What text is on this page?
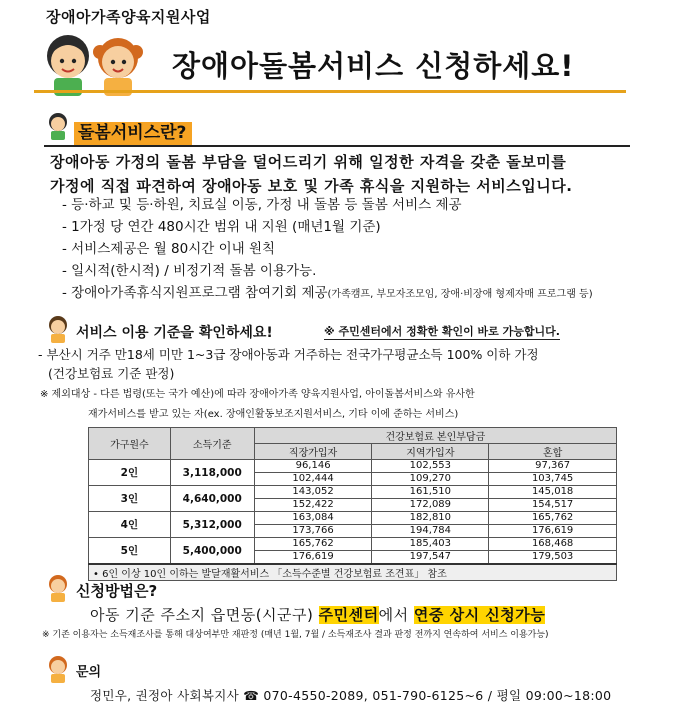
장애아가족양육지원사업
장애아돌봄서비스 신청하세요!
돌봄서비스란?
장애아동 가정의 돌봄 부담을 덜어드리기 위해 일정한 자격을 갖춘 돌보미를
가정에 직접 파견하여 장애아동 보호 및 가족 휴식을 지원하는 서비스입니다.
- 등·하교 및 등·하원, 치료실 이동, 가정 내 돌봄 등 돌봄 서비스 제공
- 1가정 당 연간 480시간 범위 내 지원 (매년1월 기준)
- 서비스제공은 월 80시간 이내 원칙
- 일시적(한시적) / 비정기적 돌봄 이용가능.
- 장애아가족휴식지원프로그램 참여기회 제공(가족캠프, 부모자조모임, 장애·비장애 형제자매 프로그램 등)
서비스 이용 기준을 확인하세요!	※ 주민센터에서 정확한 확인이 바로 가능합니다.
- 부산시 거주 만18세 미만 1~3급 장애아동과 거주하는 전국가구평균소득 100% 이하 가정
(건강보험료 기준 판정)
※ 제외대상 - 다른 법령(또는 국가 예산)에 따라 장애아가족 양육지원사업, 아이돌봄서비스와 유사한
재가서비스를 받고 있는 자(ex. 장애인활동보조지원서비스, 기타 이에 준하는 서비스)
가구원수	소득기준	건강보험료 본인부담금		
		직장가입자	지역가입자	혼합
2인	3,118,000	96,146	102,553	97,367
		102,444	109,270	103,745
3인	4,640,000	143,052	161,510	145,018
		152,422	172,089	154,517
4인	5,312,000	163,084	182,810	165,762
		173,766	194,784	176,619
5인	5,400,000	165,762	185,403	168,468
		176,619	197,547	179,503
• 6인 이상 10인 이하는 발달재활서비스 「소득수준별 건강보험료 조견표」 참조				
신청방법은?
아동 기준 주소지 읍면동(시군구) 주민센터에서 연중 상시 신청가능
※ 기존 이용자는 소득재조사를 통해 대상여부만 재판정 (매년 1월, 7월 / 소득재조사 결과 판정 전까지 연속하여 서비스 이용가능)
문의
정민우, 권정아 사회복지사 ☎ 070-4550-2089, 051-790-6125~6 / 평일 09:00~18:00
